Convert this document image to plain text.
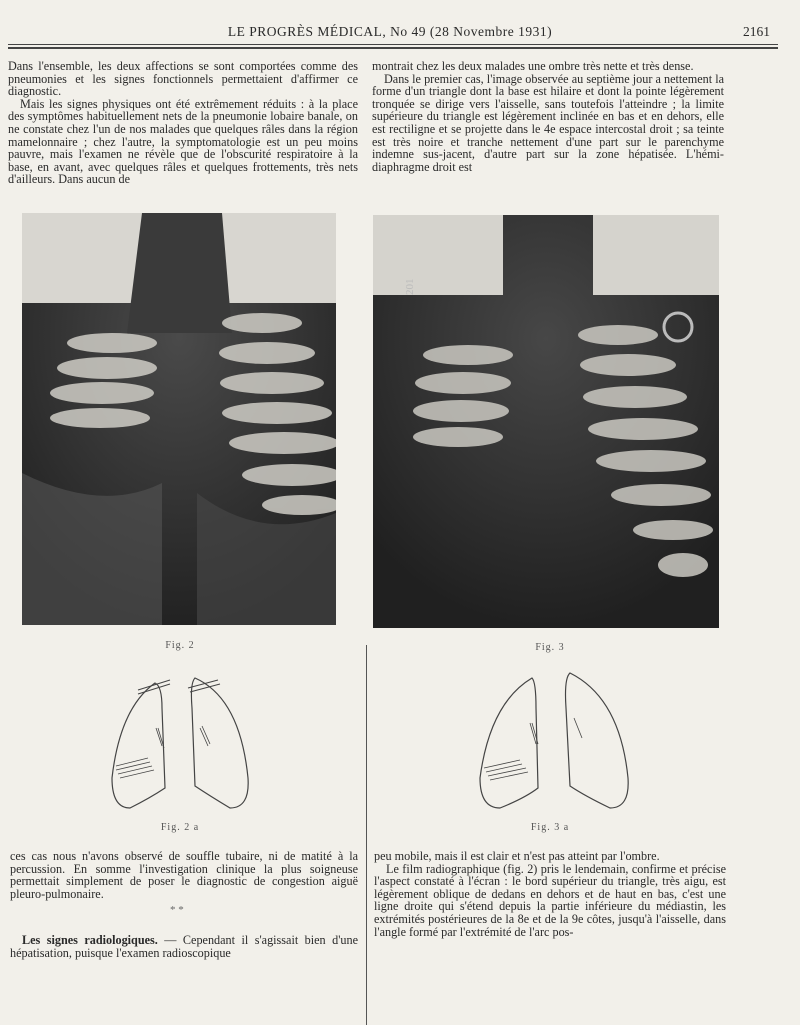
LE PROGRÈS MÉDICAL, No 49 (28 Novembre 1931)	2161

Dans l'ensemble, les deux affections se sont comportées comme des pneumonies et les signes fonctionnels permettaient d'affirmer ce diagnostic.

Mais les signes physiques ont été extrêmement réduits : à la place des symptômes habituellement nets de la pneumonie lobaire banale, on ne constate chez l'un de nos malades que quelques râles dans la région mamelonnaire ; chez l'autre, la symptomatologie est un peu moins pauvre, mais l'examen ne révèle que de l'obscurité respiratoire à la base, en avant, avec quelques râles et quelques frottements, très nets d'ailleurs. Dans aucun de

montrait chez les deux malades une ombre très nette et très dense.

Dans le premier cas, l'image observée au septième jour a nettement la forme d'un triangle dont la base est hilaire et dont la pointe légèrement tronquée se dirige vers l'aisselle, sans toutefois l'atteindre ; la limite supérieure du triangle est légèrement inclinée en bas et en dehors, elle est rectiligne et se projette dans le 4e espace intercostal droit ; sa teinte est très noire et tranche nettement d'une part sur le parenchyme indemne sus-jacent, d'autre part sur la zone hépatisée. L'hémi-diaphragme droit est

201
Fig. 2	Fig. 3
Fig. 2 a	Fig. 3 a

ces cas nous n'avons observé de souffle tubaire, ni de matité à la percussion. En somme l'investigation clinique la plus soigneuse permettait simplement de poser le diagnostic de congestion aiguë pleuro-pulmonaire.

* *

Les signes radiologiques. — Cependant il s'agissait bien d'une hépatisation, puisque l'examen radioscopique

peu mobile, mais il est clair et n'est pas atteint par l'ombre.

Le film radiographique (fig. 2) pris le lendemain, confirme et précise l'aspect constaté à l'écran : le bord supérieur du triangle, très aigu, est légèrement oblique de dedans en dehors et de haut en bas, c'est une ligne droite qui s'étend depuis la partie inférieure du médiastin, les extrémités postérieures de la 8e et de la 9e côtes, jusqu'à l'aisselle, dans l'angle formé par l'extrémité de l'arc pos-
